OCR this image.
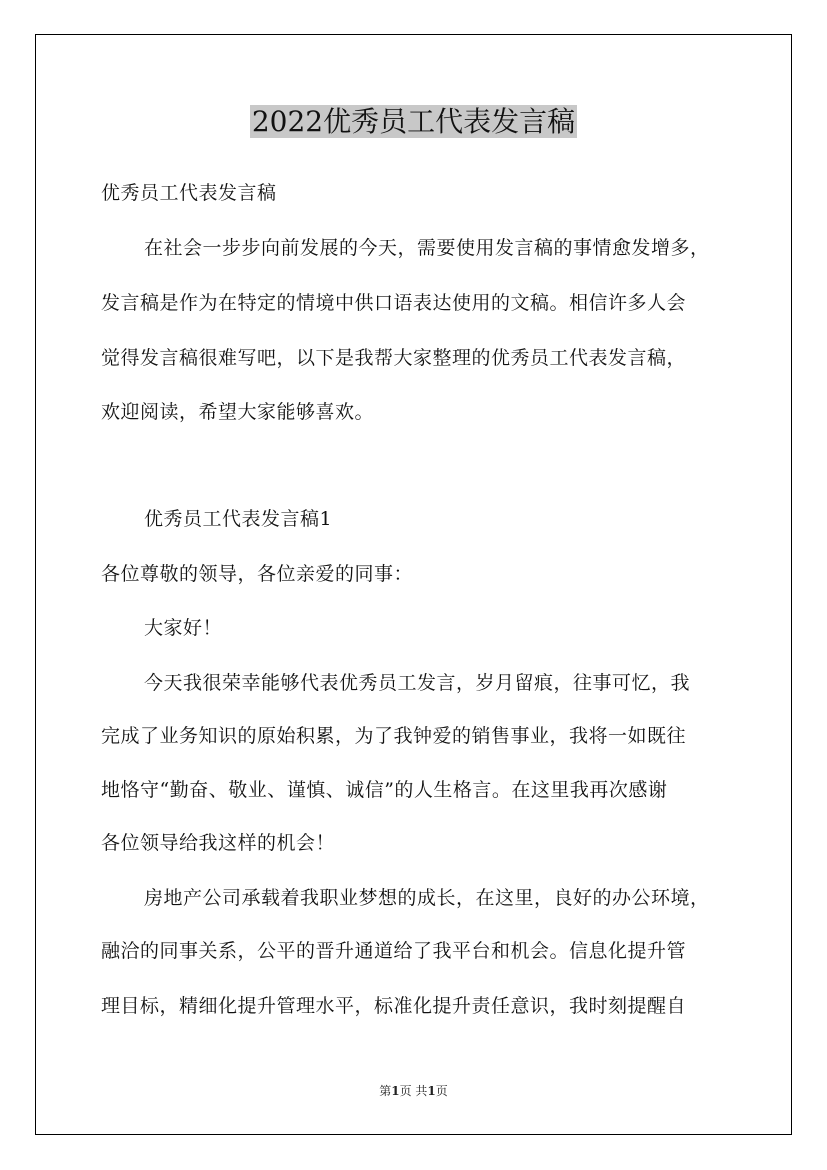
2022优秀员工代表发言稿
优秀员工代表发言稿
在社会一步步向前发展的今天，需要使用发言稿的事情愈发增多，
发言稿是作为在特定的情境中供口语表达使用的文稿。相信许多人会
觉得发言稿很难写吧，以下是我帮大家整理的优秀员工代表发言稿，
欢迎阅读，希望大家能够喜欢。
优秀员工代表发言稿1
各位尊敬的领导，各位亲爱的同事：
大家好！
今天我很荣幸能够代表优秀员工发言，岁月留痕，往事可忆，我
完成了业务知识的原始积累，为了我钟爱的销售事业，我将一如既往
地恪守“勤奋、敬业、谨慎、诚信”的人生格言。在这里我再次感谢
各位领导给我这样的机会！
房地产公司承载着我职业梦想的成长，在这里，良好的办公环境，
融洽的同事关系，公平的晋升通道给了我平台和机会。信息化提升管
理目标，精细化提升管理水平，标准化提升责任意识，我时刻提醒自
第1页 共1页
